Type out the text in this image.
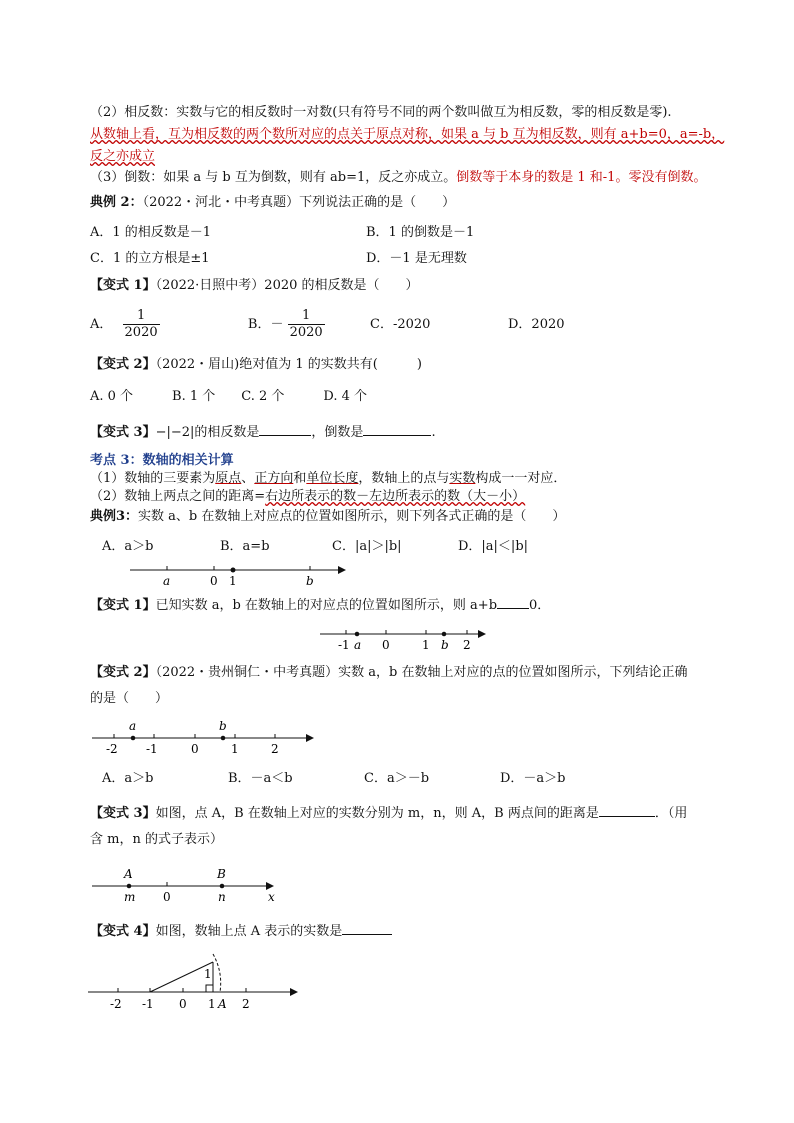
（2）相反数：实数与它的相反数时一对数(只有符号不同的两个数叫做互为相反数，零的相反数是零).
从数轴上看，互为相反数的两个数所对应的点关于原点对称，如果 a 与 b 互为相反数，则有 a+b=0，a=-b，
反之亦成立
（3）倒数：如果 a 与 b 互为倒数，则有 ab=1，反之亦成立。倒数等于本身的数是 1 和-1。零没有倒数。
典例 2：（2022・河北・中考真题）下列说法正确的是（　　）
A．1 的相反数是－1	B．1 的倒数是－1
C．1 的立方根是±1	D．－1 是无理数
【变式 1】（2022·日照中考）2020 的相反数是（　　）
A． $\frac{1}{2020}$	B．－ $\frac{1}{2020}$	C．-2020	D．2020
【变式 2】（2022・眉山)绝对值为 1 的实数共有(　　　)
A. 0 个　　　B. 1 个　　C. 2 个　　　D. 4 个
【变式 3】−|−2|的相反数是	，倒数是	.
考点 3：数轴的相关计算
（1）数轴的三要素为原点、正方向和单位长度，数轴上的点与实数构成一一对应．
（2）数轴上两点之间的距离=右边所表示的数－左边所表示的数（大－小）
典例3：实数 a、b 在数轴上对应点的位置如图所示，则下列各式正确的是（　　）
A．a＞b	B．a=b	C．|a|＞|b|	D．|a|＜|b|
a	0 1	b
【变式 1】已知实数 a，b 在数轴上的对应点的位置如图所示，则 a+b 0．
-1 a 0	1 b 2
【变式 2】（2022・贵州铜仁・中考真题）实数 a，b 在数轴上对应的点的位置如图所示，下列结论正确
的是（　　）
a	b
-2 -1	0	1	2
A．a＞b	B．－a＜b	C．a＞－b	D．－a＞b
【变式 3】如图，点 A，B 在数轴上对应的实数分别为 m，n，则 A，B 两点间的距离是	．（用
含 m，n 的式子表示）
A	B
m 0	n	x
【变式 4】如图，数轴上点 A 表示的实数是
1
-2 -1 0 1 A 2
